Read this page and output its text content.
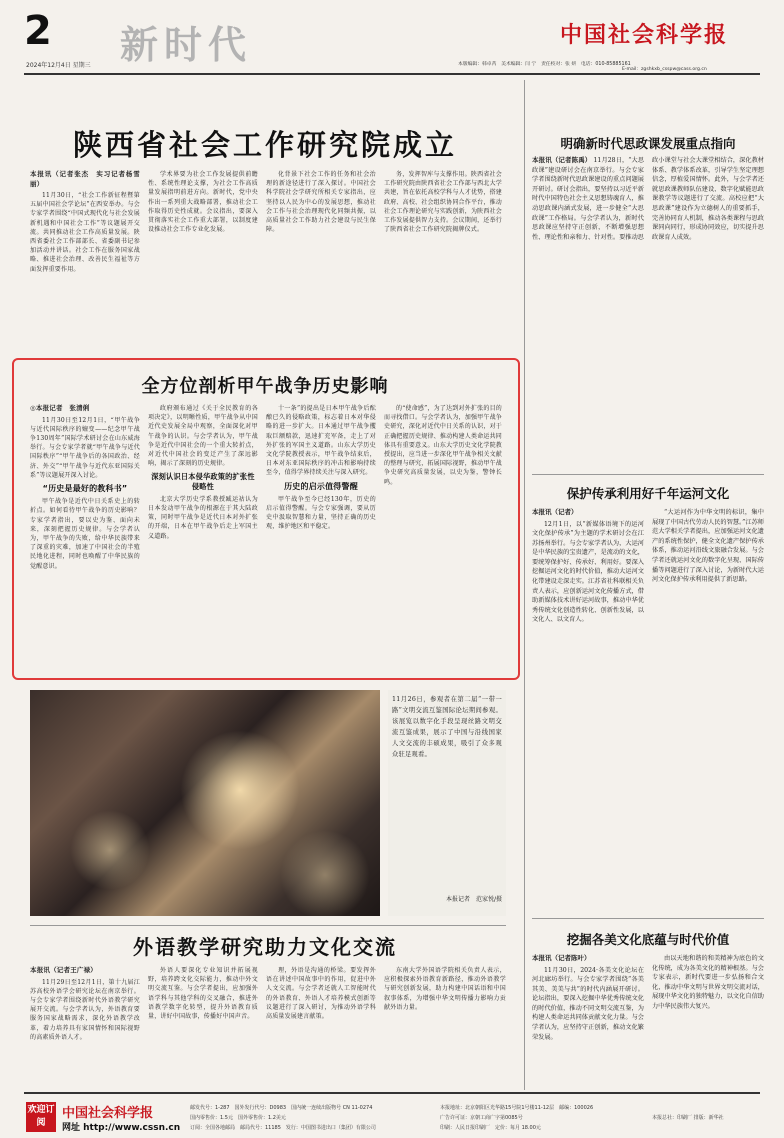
2 新时代
2024年12月4日 星期三
中国社会科学报
本版编辑：韩卓芮　美术编辑：闫 宁　责任校对：张 妍　电话：010-85885161
E-mail：zgshkxb_csspw@cass.org.cn
陕西省社会工作研究院成立
本报讯（记者张杰　实习记者杨雪丽）

11月30日，“社会工作新征程暨第五届中国社会学论坛”在西安举办。与会专家学者围绕“中国式现代化与社会发展新机遇和中国社会工作”等议题展开交流。共同推动社会工作高质量发展。陕西省委社会工作部部长、省委副书记参加活动并讲话。社会工作在服务国家战略、推进社会治理、改善民生福祉等方面发挥重要作用。

学术界要为社会工作发展提供前瞻性、系统性理论支撑，为社会工作高质量发展指明前进方向。新时代，党中央作出一系列重大战略部署，推动社会工作取得历史性成就。会议指出，要深入贯彻落实社会工作重大部署，以制度建设推动社会工作专业化发展。

化背景下社会工作的任务和社会治理的新途径进行了深入探讨。中国社会科学院社会学研究所相关专家指出，应坚持以人民为中心的发展思想，推动社会工作与社会治理现代化同频共振，以高质量社会工作助力社会建设与民生保障。

务，发挥智库与支撑作用。陕西省社会工作研究院由陕西省社会工作部与西北大学共建，旨在依托高校学科与人才优势，搭建政府、高校、社会组织协同合作平台，推动社会工作理论研究与实践创新，为陕西社会工作发展提供智力支持。会议期间，还举行了陕西省社会工作研究院揭牌仪式。

全方位剖析甲午战争历史影响
◎本报记者　张清俐

11月30日至12月1日，“甲午战争与近代国际秩序的嬗变——纪念甲午战争130周年”国际学术研讨会在山东威海举行。与会专家学者就“甲午战争与近代国际秩序”“甲午战争后的各国政治、经济、外交”“甲午战争与近代东亚国际关系”等议题展开深入讨论。

“历史是最好的教科书”

甲午战争是近代中日关系史上的转折点。如何看待甲午战争的历史影响？专家学者指出，要以史为鉴、面向未来，深刻把握历史规律。与会学者认为，甲午战争的失败，给中华民族带来了深重的灾难，加速了中国社会的半殖民地化进程，同时也唤醒了中华民族的觉醒意识。

政府颁布通过《关于全民教育的各项决定》，以明晰性质，甲午战争从中国近代史发展全局中观察，全面深化对甲午战争的认识。与会学者认为，甲午战争是近代中国社会的一个重大转折点，对近代中国社会的变迁产生了深远影响，揭示了深刻的历史规律。

深刻认识日本侵华政策的扩张性侵略性

北京大学历史学系教授臧运祜认为日本发动甲午战争的根源在于其大陆政策，同时甲午战争是近代日本对外扩张的开端，日本在甲午战争后走上军国主义道路。

十一条”的提出是日本甲午战争后酝酿已久的侵略政策，标志着日本对华侵略的进一步扩大。日本通过甲午战争攫取巨额赔款，迅速扩充军备，走上了对外扩张的军国主义道路。山东大学历史文化学院教授表示，甲午战争结束后，日本对东亚国际秩序的冲击和影响持续至今，值得学界持续关注与深入研究。

历史的启示值得警醒

甲午战争至今已经130年，历史的启示值得警醒。与会专家强调，要从历史中汲取智慧和力量，坚持正确的历史观，维护地区和平稳定。

的“使命感”，为了达到对外扩张的目的而寻找借口。与会学者认为，加强甲午战争史研究，深化对近代中日关系的认识，对于正确把握历史规律、推动构建人类命运共同体具有重要意义。山东大学历史文化学院教授提出，应当进一步深化甲午战争相关文献的整理与研究，拓展国际视野，推动甲午战争史研究高质量发展，以史为鉴，警钟长鸣。

11月26日，参观者在第二届“一带一路”文明交流互鉴国际论坛期间参观。该展览以数字化手段呈现丝路文明交流互鉴成果，展示了中国与沿线国家人文交流的丰硕成果，吸引了众多观众驻足观看。
本报记者　范家悦/摄
外语教学研究助力文化交流
本报讯（记者王广禄）

11月29日至12月1日，第十九届江苏高校外语学会研究论坛在南京举行。与会专家学者围绕新时代外语教学研究展开交流。与会学者认为，外语教育要服务国家战略需求，深化外语教学改革，着力培养具有家国情怀和国际视野的高素质外语人才。

外语人要深化专业知识并拓展视野，培养跨文化交际能力，推动中外文明交流互鉴。与会学者提出，应加强外语学科与其他学科的交叉融合，推进外语教学数字化转型，提升外语教育质量，讲好中国故事，传播好中国声音。

理，外语是沟通的桥梁。要发挥外语在讲述中国故事中的作用，促进中外人文交流。与会学者还就人工智能时代的外语教育、外语人才培养模式创新等议题进行了深入研讨，为推动外语学科高质量发展建言献策。

东南大学外国语学院相关负责人表示，应积极探索外语教育新路径，推动外语教学与研究创新发展，助力构建中国话语和中国叙事体系，为增强中华文明传播力影响力贡献外语力量。

明确新时代思政课发展重点指向
本报讯（记者陈禹） 11月28日，“大思政课”建设研讨会在南京举行。与会专家学者围绕新时代思政课建设的重点问题展开研讨。研讨会指出，要坚持以习近平新时代中国特色社会主义思想铸魂育人，推动思政课内涵式发展，进一步健全“大思政课”工作格局。与会学者认为，新时代思政课应坚持守正创新，不断增强思想性、理论性和亲和力、针对性。要推动思政小课堂与社会大课堂相结合，深化教材体系、教学体系改革，引导学生坚定理想信念，厚植爱国情怀。此外，与会学者还就思政课教师队伍建设、数字化赋能思政课教学等议题进行了交流。高校应把“大思政课”建设作为立德树人的重要抓手，完善协同育人机制，推动各类课程与思政课同向同行，形成协同效应，切实提升思政课育人成效。
保护传承利用好千年运河文化
本报讯（记者）

12月1日，以“新媒体语境下的运河文化保护传承”为主题的学术研讨会在江苏扬州举行。与会专家学者认为，大运河是中华民族的宝贵遗产，是流动的文化，要统筹保护好、传承好、利用好。要深入挖掘运河文化的时代价值，推动大运河文化带建设走深走实。江苏省社科联相关负责人表示，应创新运河文化传播方式，借助新媒体技术讲好运河故事，推动中华优秀传统文化创造性转化、创新性发展，以文化人、以文育人。

“大运河作为中华文明的标识，集中展现了中国古代劳动人民的智慧。”江苏师范大学相关学者提出，应加强运河文化遗产的系统性保护，健全文化遗产保护传承体系，推动运河沿线文旅融合发展。与会学者还就运河文化的数字化呈现、国际传播等问题进行了深入讨论，为新时代大运河文化保护传承利用提供了新思路。

挖掘各美文化底蕴与时代价值
本报讯（记者陈叶）

11月30日，2024·各美文化论坛在河北廊坊举行。与会专家学者围绕“各美其美、美美与共”的时代内涵展开研讨。论坛指出，要深入挖掘中华优秀传统文化的时代价值，推动不同文明交流互鉴，为构建人类命运共同体贡献文化力量。与会学者认为，应坚持守正创新，推动文化繁荣发展。

由以天地和谐的和美精神为底色的文化传统，成为各美文化的精神根基。与会专家表示，新时代要进一步弘扬和合文化，推动中华文明与世界文明交流对话，展现中华文化的独特魅力，以文化自信助力中华民族伟大复兴。

欢迎订阅
中国社会科学报
网址 http://www.cssn.cn
邮发代号：1-287　国外发行代号：D0983　国内统一连续出版物号 CN 11-0274
国内零售价：1.5元　国外零售价：1.2美元
订阅：全国各地邮局　邮局代号：11185　发行：中国图书进出口（集团）有限公司
本报地址：北京朝阳区光华路15号院1号楼11-12层　邮编：100026
广告许可证：京朝工商广字第0085号
印刷：人民日报印刷厂　定价：每月 18.00元
本报总社：印刷厂 排版：新华社
